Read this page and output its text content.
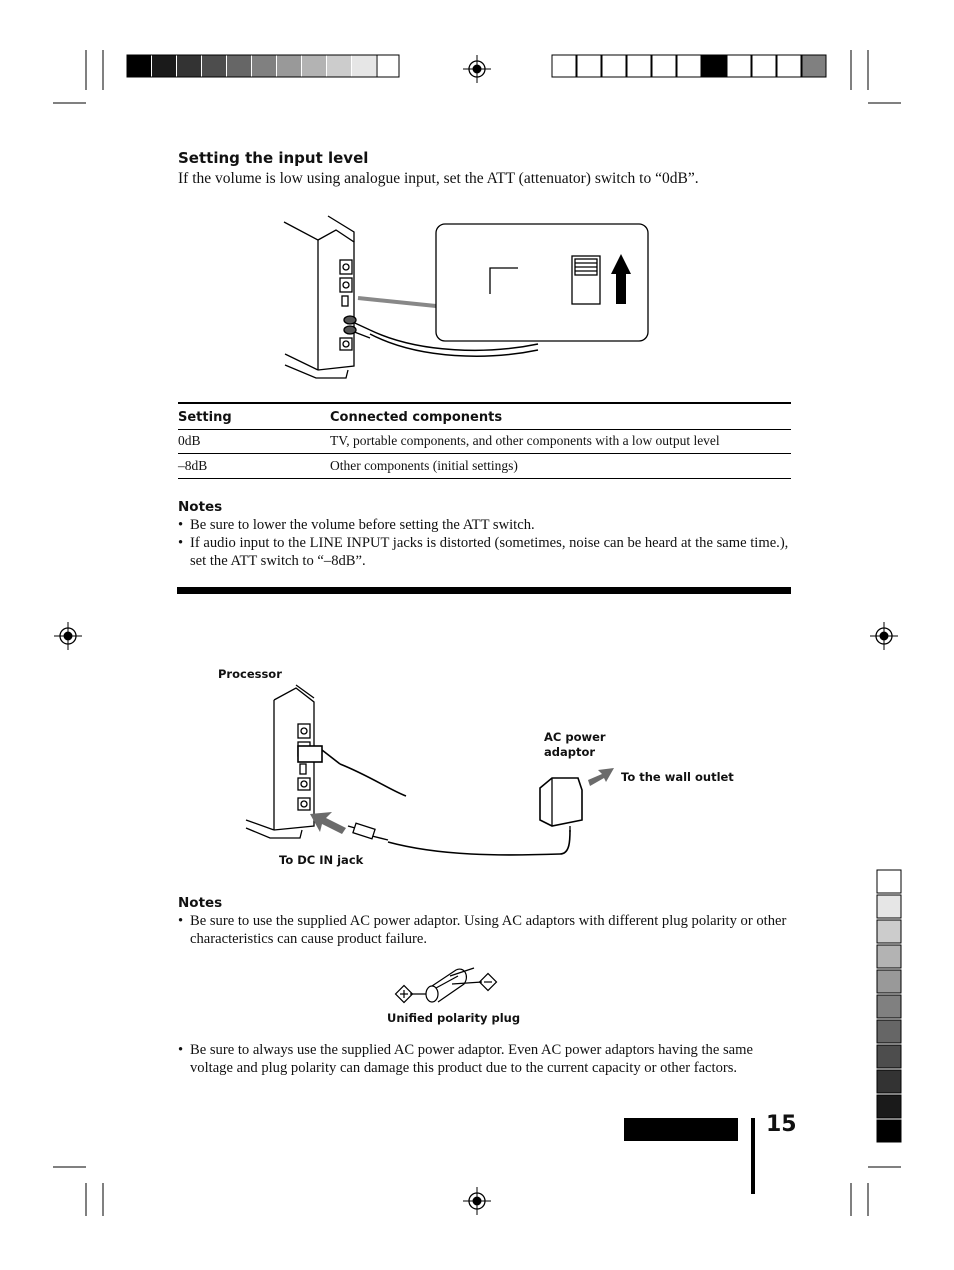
Setting the input level
If the volume is low using analogue input, set the ATT (attenuator) switch to “0dB”.
Setting	Connected components
0dB	TV, portable components, and other components with a low output level
–8dB	Other components (initial settings)
Notes
• Be sure to lower the volume before setting the ATT switch.
• If audio input to the LINE INPUT jacks is distorted (sometimes, noise can be heard at the same time.), set the ATT switch to “–8dB”.
Processor
AC power
adaptor
To the wall outlet
To DC IN jack
Notes
• Be sure to use the supplied AC power adaptor. Using AC adaptors with different plug polarity or other characteristics can cause product failure.
Unified polarity plug
• Be sure to always use the supplied AC power adaptor. Even AC power adaptors having the same voltage and plug polarity can damage this product due to the current capacity or other factors.
15
